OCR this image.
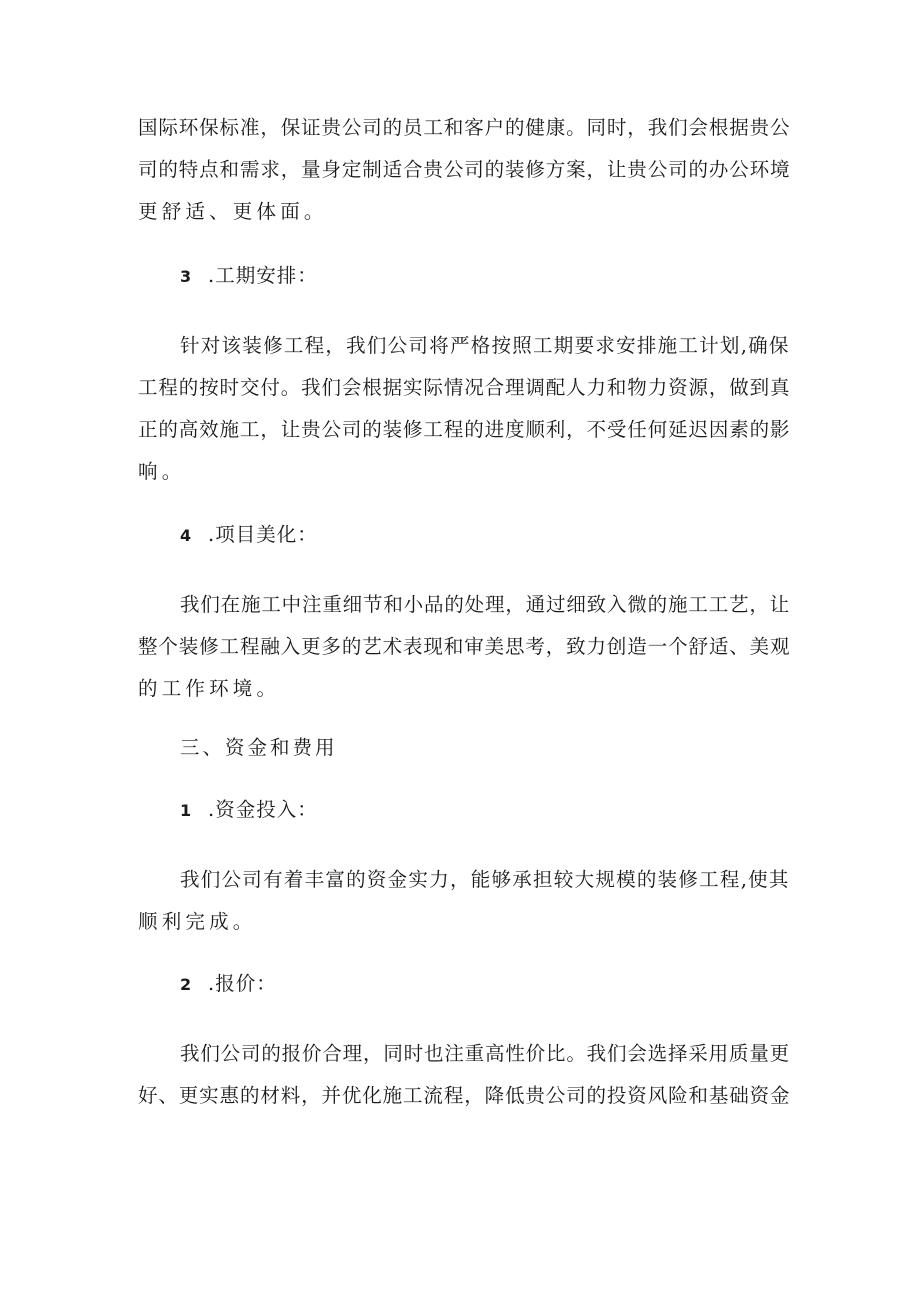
国际环保标准，保证贵公司的员工和客户的健康。同时，我们会根据贵公
司的特点和需求，量身定制适合贵公司的装修方案，让贵公司的办公环境
更舒适、更体面。
3 .工期安排：
针对该装修工程，我们公司将严格按照工期要求安排施工计划,确保
工程的按时交付。我们会根据实际情况合理调配人力和物力资源，做到真
正的高效施工，让贵公司的装修工程的进度顺利，不受任何延迟因素的影
响。
4 .项目美化：
我们在施工中注重细节和小品的处理，通过细致入微的施工工艺，让
整个装修工程融入更多的艺术表现和审美思考，致力创造一个舒适、美观
的工作环境。
三、资金和费用
1 .资金投入：
我们公司有着丰富的资金实力，能够承担较大规模的装修工程,使其
顺利完成。
2 .报价：
我们公司的报价合理，同时也注重高性价比。我们会选择采用质量更
好、更实惠的材料，并优化施工流程，降低贵公司的投资风险和基础资金
